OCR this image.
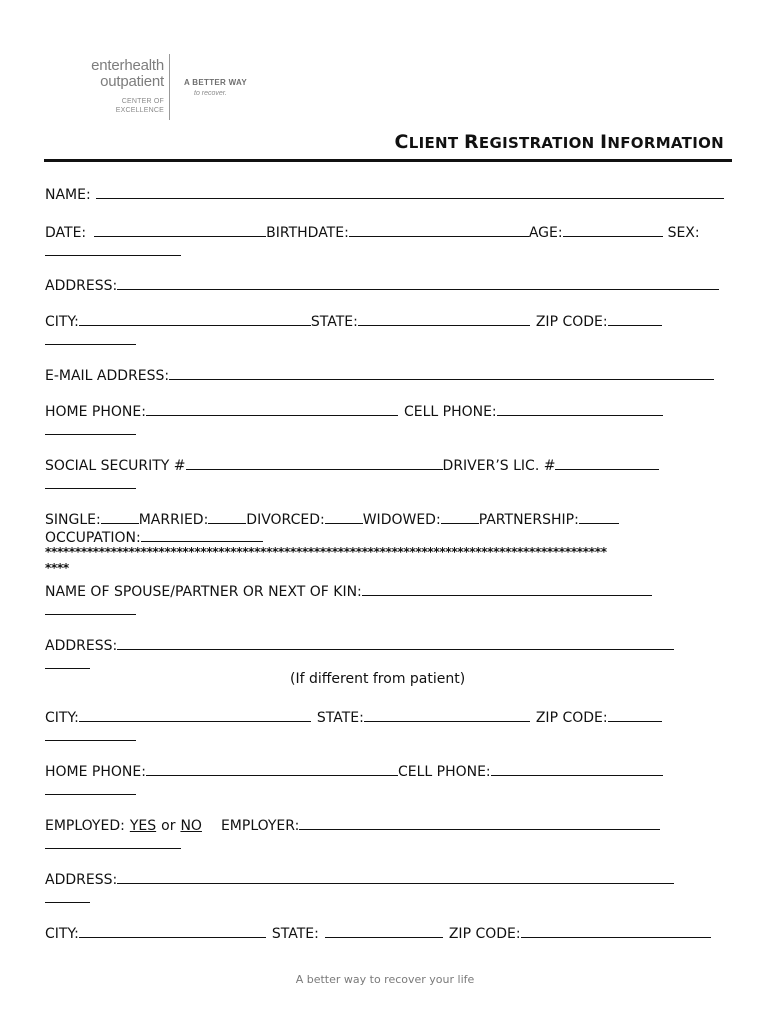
enterhealth
outpatient
CENTER OF
EXCELLENCE
A BETTER WAY
to recover.
CLIENT REGISTRATION INFORMATION
NAME:
DATE:	BIRTHDATE:	AGE:	SEX:
ADDRESS:
CITY:	STATE:	ZIP CODE:
E-MAIL ADDRESS:
HOME PHONE:	CELL PHONE:
SOCIAL SECURITY #	DRIVER’S LIC. #
SINGLE:	MARRIED:	DIVORCED:	WIDOWED:	PARTNERSHIP:
OCCUPATION:
**********************************************************************************************
****
NAME OF SPOUSE/PARTNER OR NEXT OF KIN:
ADDRESS:
(If different from patient)
CITY:	STATE:	ZIP CODE:
HOME PHONE:	CELL PHONE:
EMPLOYED: YES or NO EMPLOYER:
ADDRESS:
CITY:	STATE:	ZIP CODE:
A better way to recover your life
